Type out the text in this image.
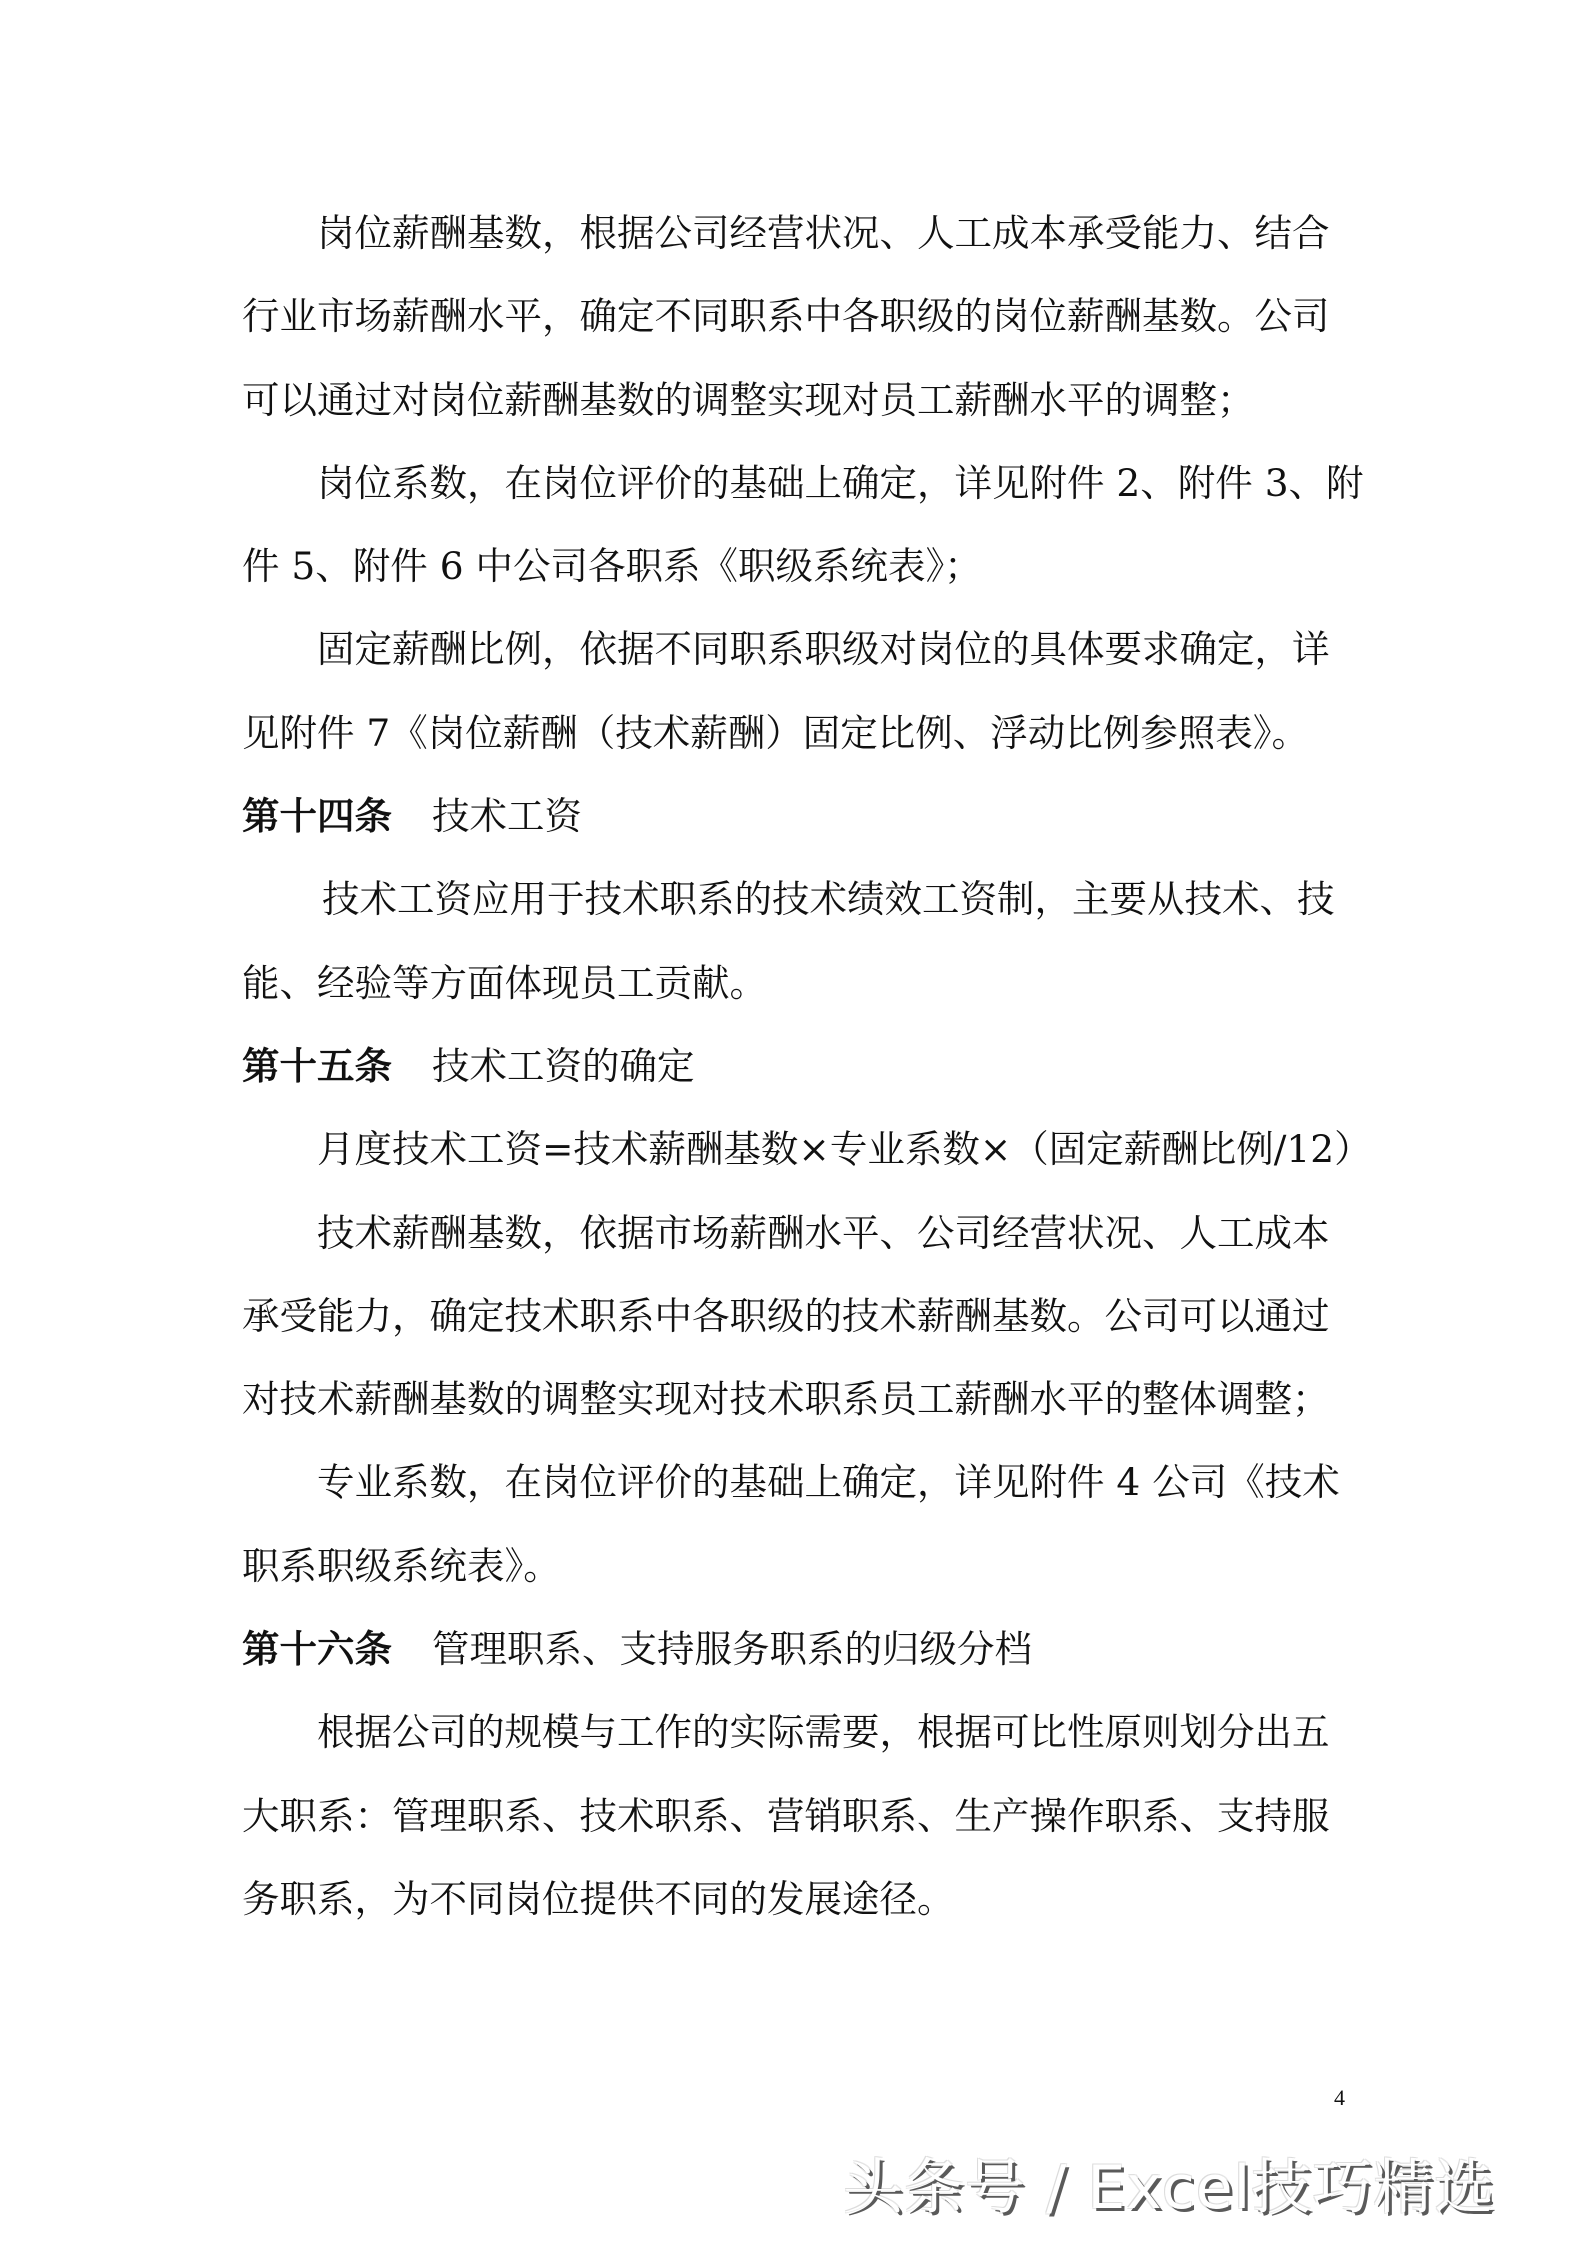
岗位薪酬基数，根据公司经营状况、人工成本承受能力、结合
行业市场薪酬水平，确定不同职系中各职级的岗位薪酬基数。公司
可以通过对岗位薪酬基数的调整实现对员工薪酬水平的调整；
岗位系数，在岗位评价的基础上确定，详见附件 2、附件 3、附
件 5、附件 6 中公司各职系《职级系统表》；
固定薪酬比例，依据不同职系职级对岗位的具体要求确定，详
见附件 7《岗位薪酬（技术薪酬）固定比例、浮动比例参照表》。
第十四条 技术工资
技术工资应用于技术职系的技术绩效工资制，主要从技术、技
能、经验等方面体现员工贡献。
第十五条 技术工资的确定
月度技术工资=技术薪酬基数×专业系数×（固定薪酬比例/12）
技术薪酬基数，依据市场薪酬水平、公司经营状况、人工成本
承受能力，确定技术职系中各职级的技术薪酬基数。公司可以通过
对技术薪酬基数的调整实现对技术职系员工薪酬水平的整体调整；
专业系数，在岗位评价的基础上确定，详见附件 4 公司《技术
职系职级系统表》。
第十六条 管理职系、支持服务职系的归级分档
根据公司的规模与工作的实际需要，根据可比性原则划分出五
大职系：管理职系、技术职系、营销职系、生产操作职系、支持服
务职系，为不同岗位提供不同的发展途径。
4
头条号 / Excel技巧精选
